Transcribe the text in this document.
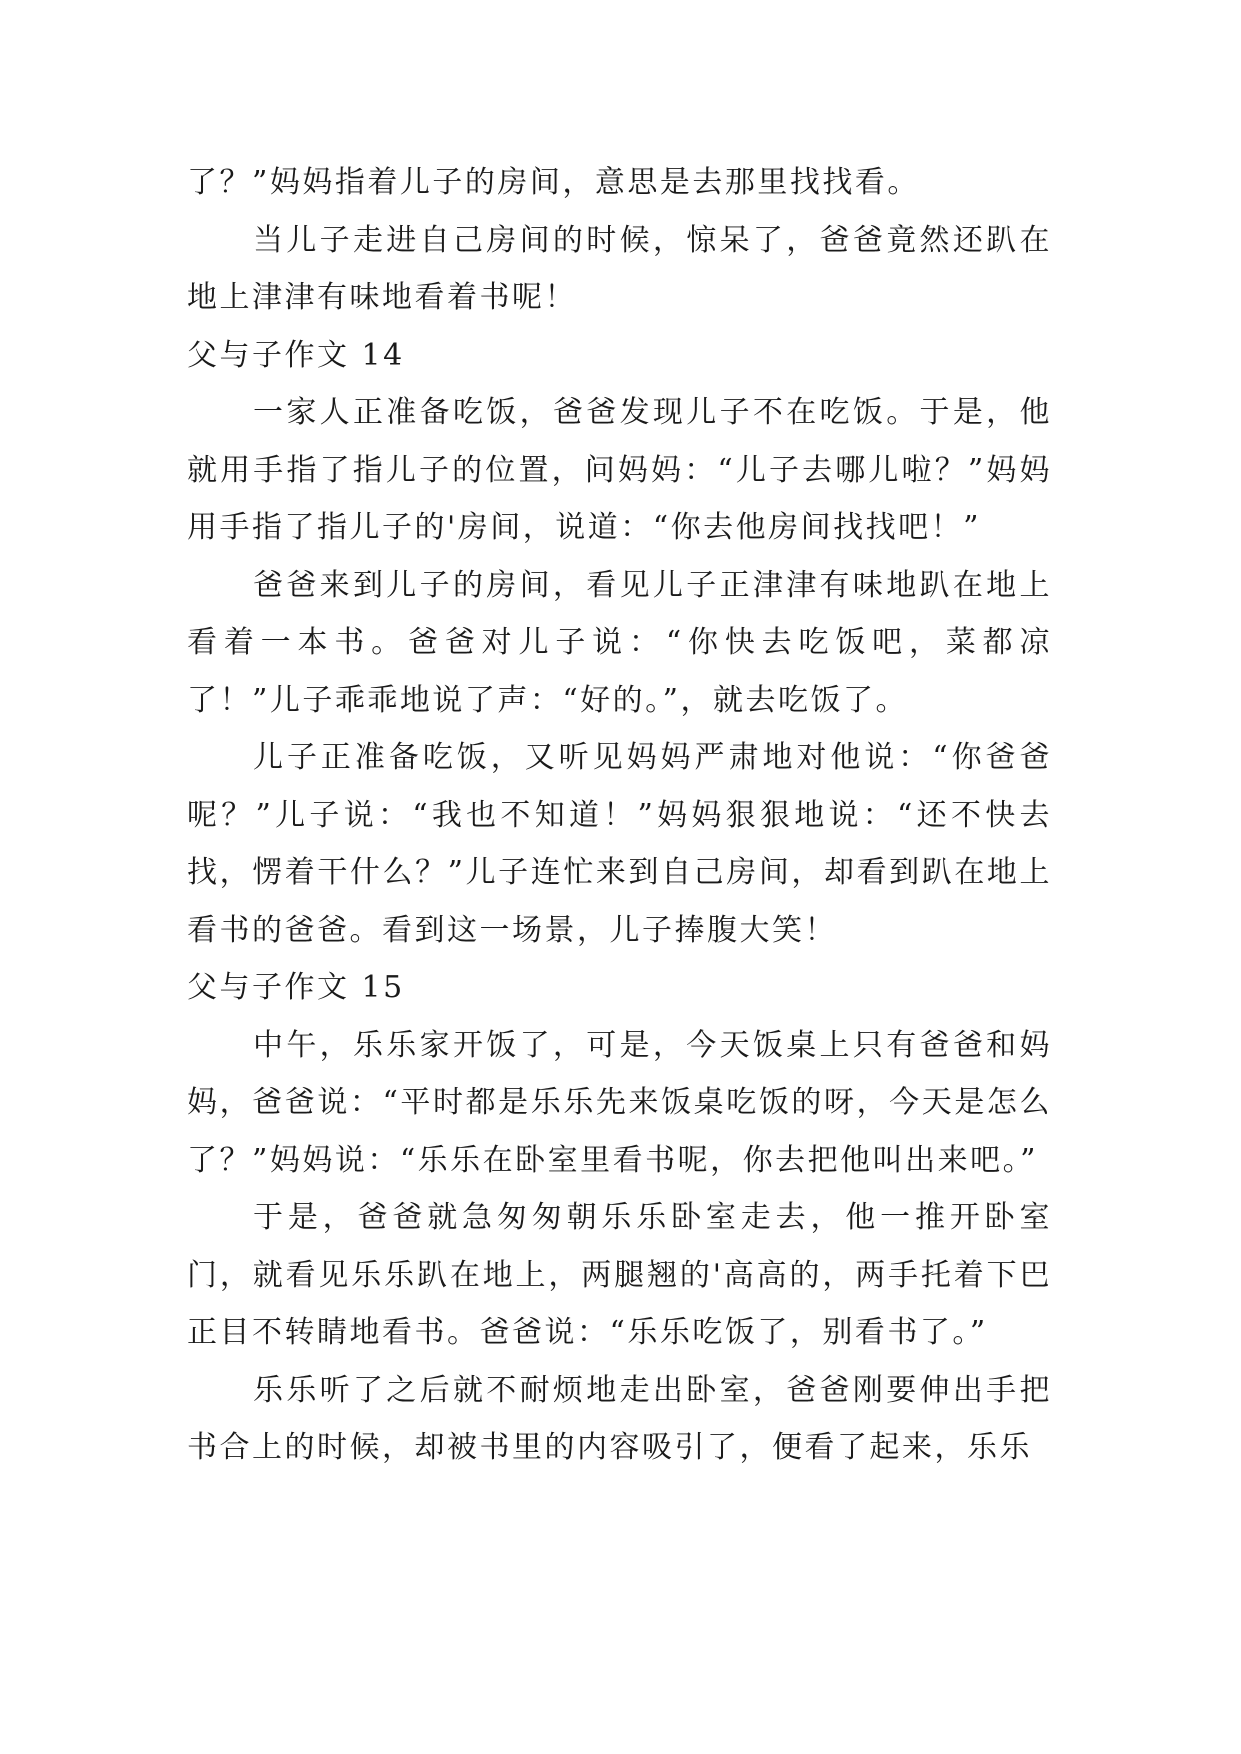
了？”妈妈指着儿子的房间，意思是去那里找找看。

当儿子走进自己房间的时候，惊呆了，爸爸竟然还趴在地上津津有味地看着书呢！

父与子作文 14

一家人正准备吃饭，爸爸发现儿子不在吃饭。于是，他就用手指了指儿子的位置，问妈妈：“儿子去哪儿啦？”妈妈用手指了指儿子的'房间，说道：“你去他房间找找吧！”

爸爸来到儿子的房间，看见儿子正津津有味地趴在地上看着一本书。爸爸对儿子说：“你快去吃饭吧，菜都凉了！”儿子乖乖地说了声：“好的。”，就去吃饭了。

儿子正准备吃饭，又听见妈妈严肃地对他说：“你爸爸呢？”儿子说：“我也不知道！”妈妈狠狠地说：“还不快去找，愣着干什么？”儿子连忙来到自己房间，却看到趴在地上看书的爸爸。看到这一场景，儿子捧腹大笑！

父与子作文 15

中午，乐乐家开饭了，可是，今天饭桌上只有爸爸和妈妈，爸爸说：“平时都是乐乐先来饭桌吃饭的呀，今天是怎么了？”妈妈说：“乐乐在卧室里看书呢，你去把他叫出来吧。”

于是，爸爸就急匆匆朝乐乐卧室走去，他一推开卧室门，就看见乐乐趴在地上，两腿翘的'高高的，两手托着下巴正目不转睛地看书。爸爸说：“乐乐吃饭了，别看书了。”

乐乐听了之后就不耐烦地走出卧室，爸爸刚要伸出手把书合上的时候，却被书里的内容吸引了，便看了起来，乐乐
